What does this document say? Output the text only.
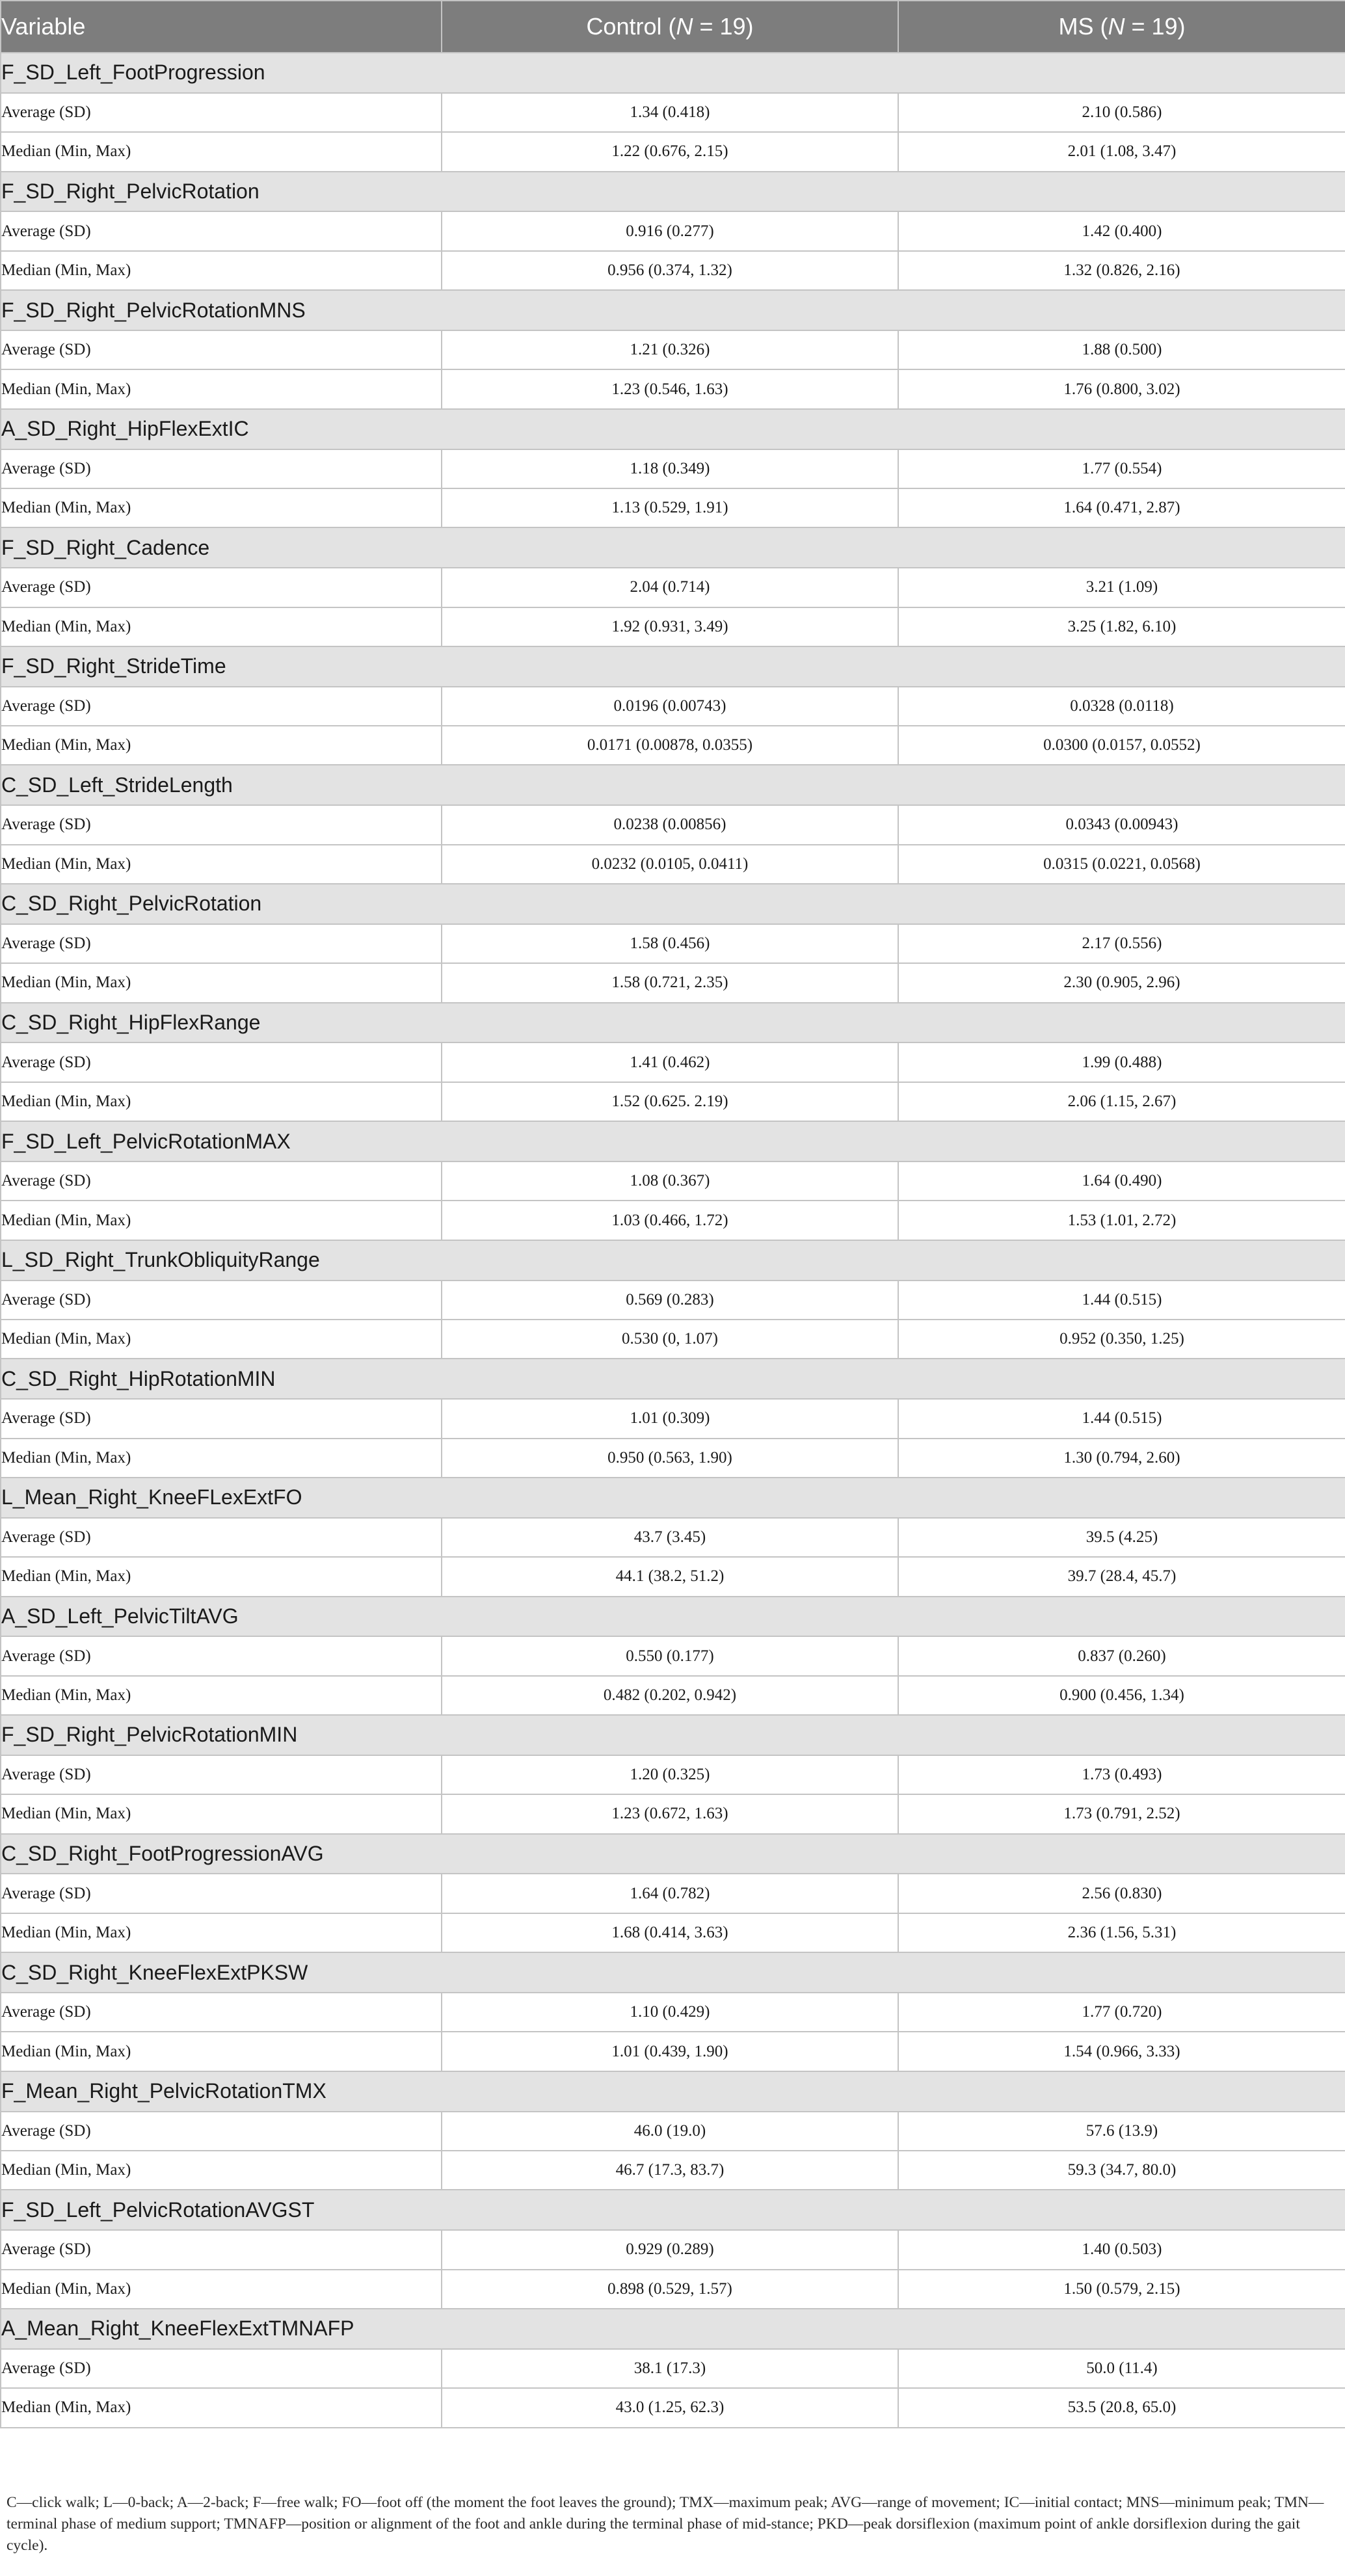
Variable	Control (N = 19)	MS (N = 19)
F_SD_Left_FootProgression		
Average (SD)	1.34 (0.418)	2.10 (0.586)
Median (Min, Max)	1.22 (0.676, 2.15)	2.01 (1.08, 3.47)
F_SD_Right_PelvicRotation		
Average (SD)	0.916 (0.277)	1.42 (0.400)
Median (Min, Max)	0.956 (0.374, 1.32)	1.32 (0.826, 2.16)
F_SD_Right_PelvicRotationMNS		
Average (SD)	1.21 (0.326)	1.88 (0.500)
Median (Min, Max)	1.23 (0.546, 1.63)	1.76 (0.800, 3.02)
A_SD_Right_HipFlexExtIC		
Average (SD)	1.18 (0.349)	1.77 (0.554)
Median (Min, Max)	1.13 (0.529, 1.91)	1.64 (0.471, 2.87)
F_SD_Right_Cadence		
Average (SD)	2.04 (0.714)	3.21 (1.09)
Median (Min, Max)	1.92 (0.931, 3.49)	3.25 (1.82, 6.10)
F_SD_Right_StrideTime		
Average (SD)	0.0196 (0.00743)	0.0328 (0.0118)
Median (Min, Max)	0.0171 (0.00878, 0.0355)	0.0300 (0.0157, 0.0552)
C_SD_Left_StrideLength		
Average (SD)	0.0238 (0.00856)	0.0343 (0.00943)
Median (Min, Max)	0.0232 (0.0105, 0.0411)	0.0315 (0.0221, 0.0568)
C_SD_Right_PelvicRotation		
Average (SD)	1.58 (0.456)	2.17 (0.556)
Median (Min, Max)	1.58 (0.721, 2.35)	2.30 (0.905, 2.96)
C_SD_Right_HipFlexRange		
Average (SD)	1.41 (0.462)	1.99 (0.488)
Median (Min, Max)	1.52 (0.625. 2.19)	2.06 (1.15, 2.67)
F_SD_Left_PelvicRotationMAX		
Average (SD)	1.08 (0.367)	1.64 (0.490)
Median (Min, Max)	1.03 (0.466, 1.72)	1.53 (1.01, 2.72)
L_SD_Right_TrunkObliquityRange		
Average (SD)	0.569 (0.283)	1.44 (0.515)
Median (Min, Max)	0.530 (0, 1.07)	0.952 (0.350, 1.25)
C_SD_Right_HipRotationMIN		
Average (SD)	1.01 (0.309)	1.44 (0.515)
Median (Min, Max)	0.950 (0.563, 1.90)	1.30 (0.794, 2.60)
L_Mean_Right_KneeFLexExtFO		
Average (SD)	43.7 (3.45)	39.5 (4.25)
Median (Min, Max)	44.1 (38.2, 51.2)	39.7 (28.4, 45.7)
A_SD_Left_PelvicTiltAVG		
Average (SD)	0.550 (0.177)	0.837 (0.260)
Median (Min, Max)	0.482 (0.202, 0.942)	0.900 (0.456, 1.34)
F_SD_Right_PelvicRotationMIN		
Average (SD)	1.20 (0.325)	1.73 (0.493)
Median (Min, Max)	1.23 (0.672, 1.63)	1.73 (0.791, 2.52)
C_SD_Right_FootProgressionAVG		
Average (SD)	1.64 (0.782)	2.56 (0.830)
Median (Min, Max)	1.68 (0.414, 3.63)	2.36 (1.56, 5.31)
C_SD_Right_KneeFlexExtPKSW		
Average (SD)	1.10 (0.429)	1.77 (0.720)
Median (Min, Max)	1.01 (0.439, 1.90)	1.54 (0.966, 3.33)
F_Mean_Right_PelvicRotationTMX		
Average (SD)	46.0 (19.0)	57.6 (13.9)
Median (Min, Max)	46.7 (17.3, 83.7)	59.3 (34.7, 80.0)
F_SD_Left_PelvicRotationAVGST		
Average (SD)	0.929 (0.289)	1.40 (0.503)
Median (Min, Max)	0.898 (0.529, 1.57)	1.50 (0.579, 2.15)
A_Mean_Right_KneeFlexExtTMNAFP		
Average (SD)	38.1 (17.3)	50.0 (11.4)
Median (Min, Max)	43.0 (1.25, 62.3)	53.5 (20.8, 65.0)

C—click walk; L—0-back; A—2-back; F—free walk; FO—foot off (the moment the foot leaves the ground); TMX—maximum peak; AVG—range of movement; IC—initial contact; MNS—minimum peak; TMN—terminal phase of medium support; TMNAFP—position or alignment of the foot and ankle during the terminal phase of mid-stance; PKD—peak dorsiflexion (maximum point of ankle dorsiflexion during the gait cycle).
